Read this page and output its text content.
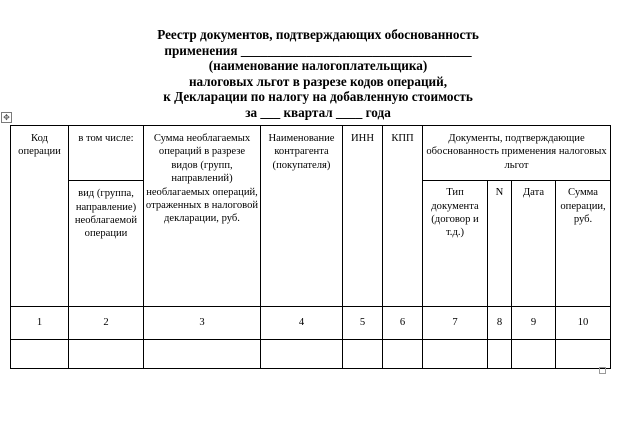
Реестр документов, подтверждающих обоснованность
применения ___________________________________
(наименование налогоплательщика)
налоговых льгот в разрезе кодов операций,
к Декларации по налогу на добавленную стоимость
за ___ квартал ____ года
✥
Код операции	в том числе:	Сумма необлагаемых операций в разрезе видов (групп, направлений) необлагаемых операций, отраженных в налоговой декларации, руб.	Наименование контрагента (покупателя)	ИНН	КПП	Документы, подтверждающие обоснованность применения налоговых льгот			

	вид (группа, направление) необлагаемой операции					Тип документа (договор и т.д.)	N	Дата	Сумма операции, руб.

1	2	3	4	5	6	7	8	9	10
